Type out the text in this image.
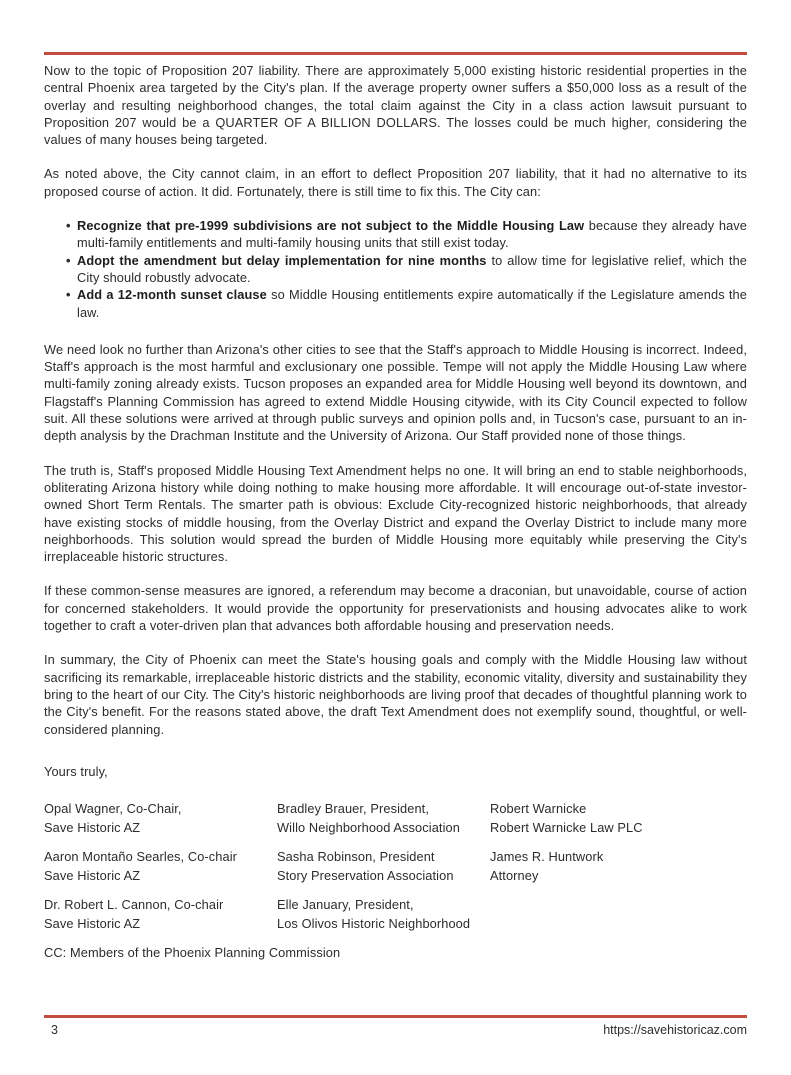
Now to the topic of Proposition 207 liability. There are approximately 5,000 existing historic residential properties in the central Phoenix area targeted by the City's plan. If the average property owner suffers a $50,000 loss as a result of the overlay and resulting neighborhood changes, the total claim against the City in a class action lawsuit pursuant to Proposition 207 would be a QUARTER OF A BILLION DOLLARS. The losses could be much higher, considering the values of many houses being targeted.

As noted above, the City cannot claim, in an effort to deflect Proposition 207 liability, that it had no alternative to its proposed course of action. It did. Fortunately, there is still time to fix this. The City can:

• Recognize that pre-1999 subdivisions are not subject to the Middle Housing Law because they already have multi-family entitlements and multi-family housing units that still exist today.
• Adopt the amendment but delay implementation for nine months to allow time for legislative relief, which the City should robustly advocate.
• Add a 12-month sunset clause so Middle Housing entitlements expire automatically if the Legislature amends the law.

We need look no further than Arizona's other cities to see that the Staff's approach to Middle Housing is incorrect. Indeed, Staff's approach is the most harmful and exclusionary one possible. Tempe will not apply the Middle Housing Law where multi-family zoning already exists. Tucson proposes an expanded area for Middle Housing well beyond its downtown, and Flagstaff's Planning Commission has agreed to extend Middle Housing citywide, with its City Council expected to follow suit. All these solutions were arrived at through public surveys and opinion polls and, in Tucson's case, pursuant to an in-depth analysis by the Drachman Institute and the University of Arizona. Our Staff provided none of those things.

The truth is, Staff's proposed Middle Housing Text Amendment helps no one. It will bring an end to stable neighborhoods, obliterating Arizona history while doing nothing to make housing more affordable. It will encourage out-of-state investor-owned Short Term Rentals. The smarter path is obvious: Exclude City-recognized historic neighborhoods, that already have existing stocks of middle housing, from the Overlay District and expand the Overlay District to include many more neighborhoods. This solution would spread the burden of Middle Housing more equitably while preserving the City's irreplaceable historic structures.

If these common-sense measures are ignored, a referendum may become a draconian, but unavoidable, course of action for concerned stakeholders. It would provide the opportunity for preservationists and housing advocates alike to work together to craft a voter-driven plan that advances both affordable housing and preservation needs.

In summary, the City of Phoenix can meet the State's housing goals and comply with the Middle Housing law without sacrificing its remarkable, irreplaceable historic districts and the stability, economic vitality, diversity and sustainability they bring to the heart of our City. The City's historic neighborhoods are living proof that decades of thoughtful planning work to the City's benefit. For the reasons stated above, the draft Text Amendment does not exemplify sound, thoughtful, or well-considered planning.

Yours truly,

Opal Wagner, Co-Chair,
Save Historic AZ
Bradley Brauer, President,
Willo Neighborhood Association
Robert Warnicke
Robert Warnicke Law PLC
Aaron Montaño Searles, Co-chair
Save Historic AZ
Sasha Robinson, President
Story Preservation Association
James R. Huntwork
Attorney
Dr. Robert L. Cannon, Co-chair
Save Historic AZ
Elle January, President,
Los Olivos Historic Neighborhood

CC: Members of the Phoenix Planning Commission

3	https://savehistoricaz.com
